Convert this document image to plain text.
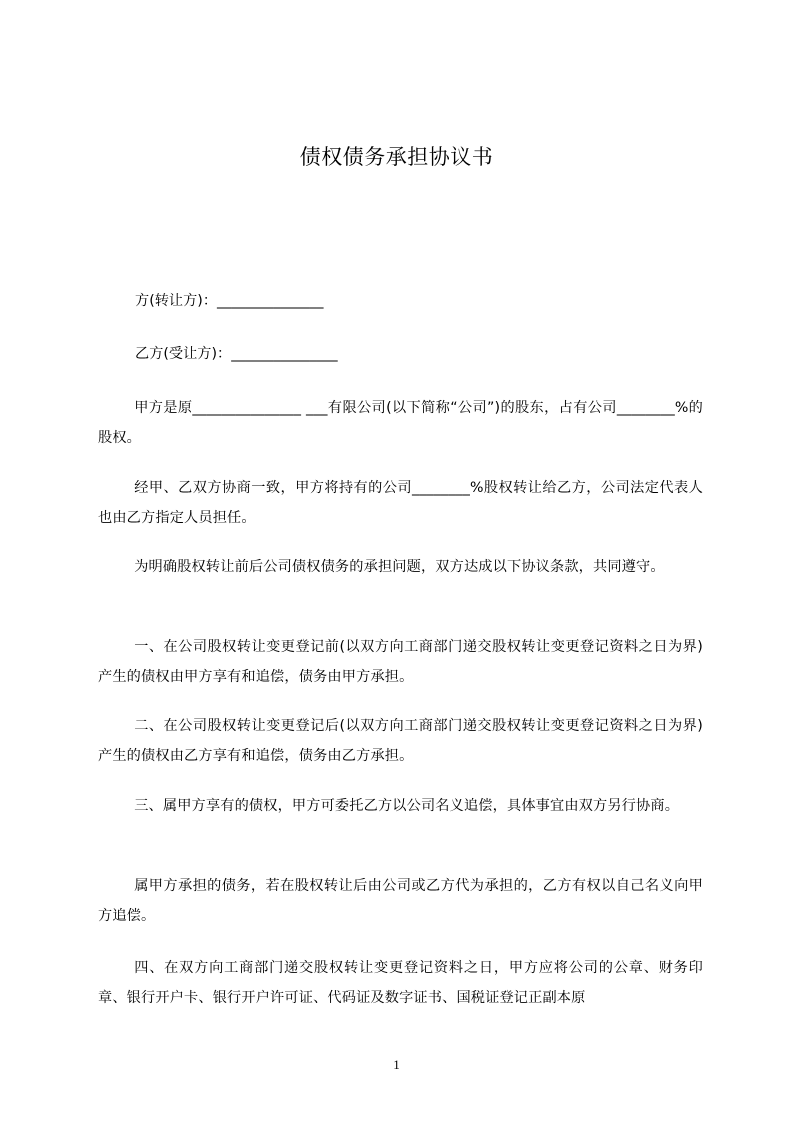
债权债务承担协议书

方(转让方)：_______________

乙方(受让方)：_______________

甲方是原_______________ ___有限公司(以下简称“公司”)的股东，占有公司________%的股权。

经甲、乙双方协商一致，甲方将持有的公司________%股权转让给乙方，公司法定代表人也由乙方指定人员担任。

为明确股权转让前后公司债权债务的承担问题，双方达成以下协议条款，共同遵守。

一、在公司股权转让变更登记前(以双方向工商部门递交股权转让变更登记资料之日为界)产生的债权由甲方享有和追偿，债务由甲方承担。

二、在公司股权转让变更登记后(以双方向工商部门递交股权转让变更登记资料之日为界)产生的债权由乙方享有和追偿，债务由乙方承担。

三、属甲方享有的债权，甲方可委托乙方以公司名义追偿，具体事宜由双方另行协商。

属甲方承担的债务，若在股权转让后由公司或乙方代为承担的，乙方有权以自己名义向甲方追偿。

四、在双方向工商部门递交股权转让变更登记资料之日，甲方应将公司的公章、财务印章、银行开户卡、银行开户许可证、代码证及数字证书、国税证登记正副本原

1
